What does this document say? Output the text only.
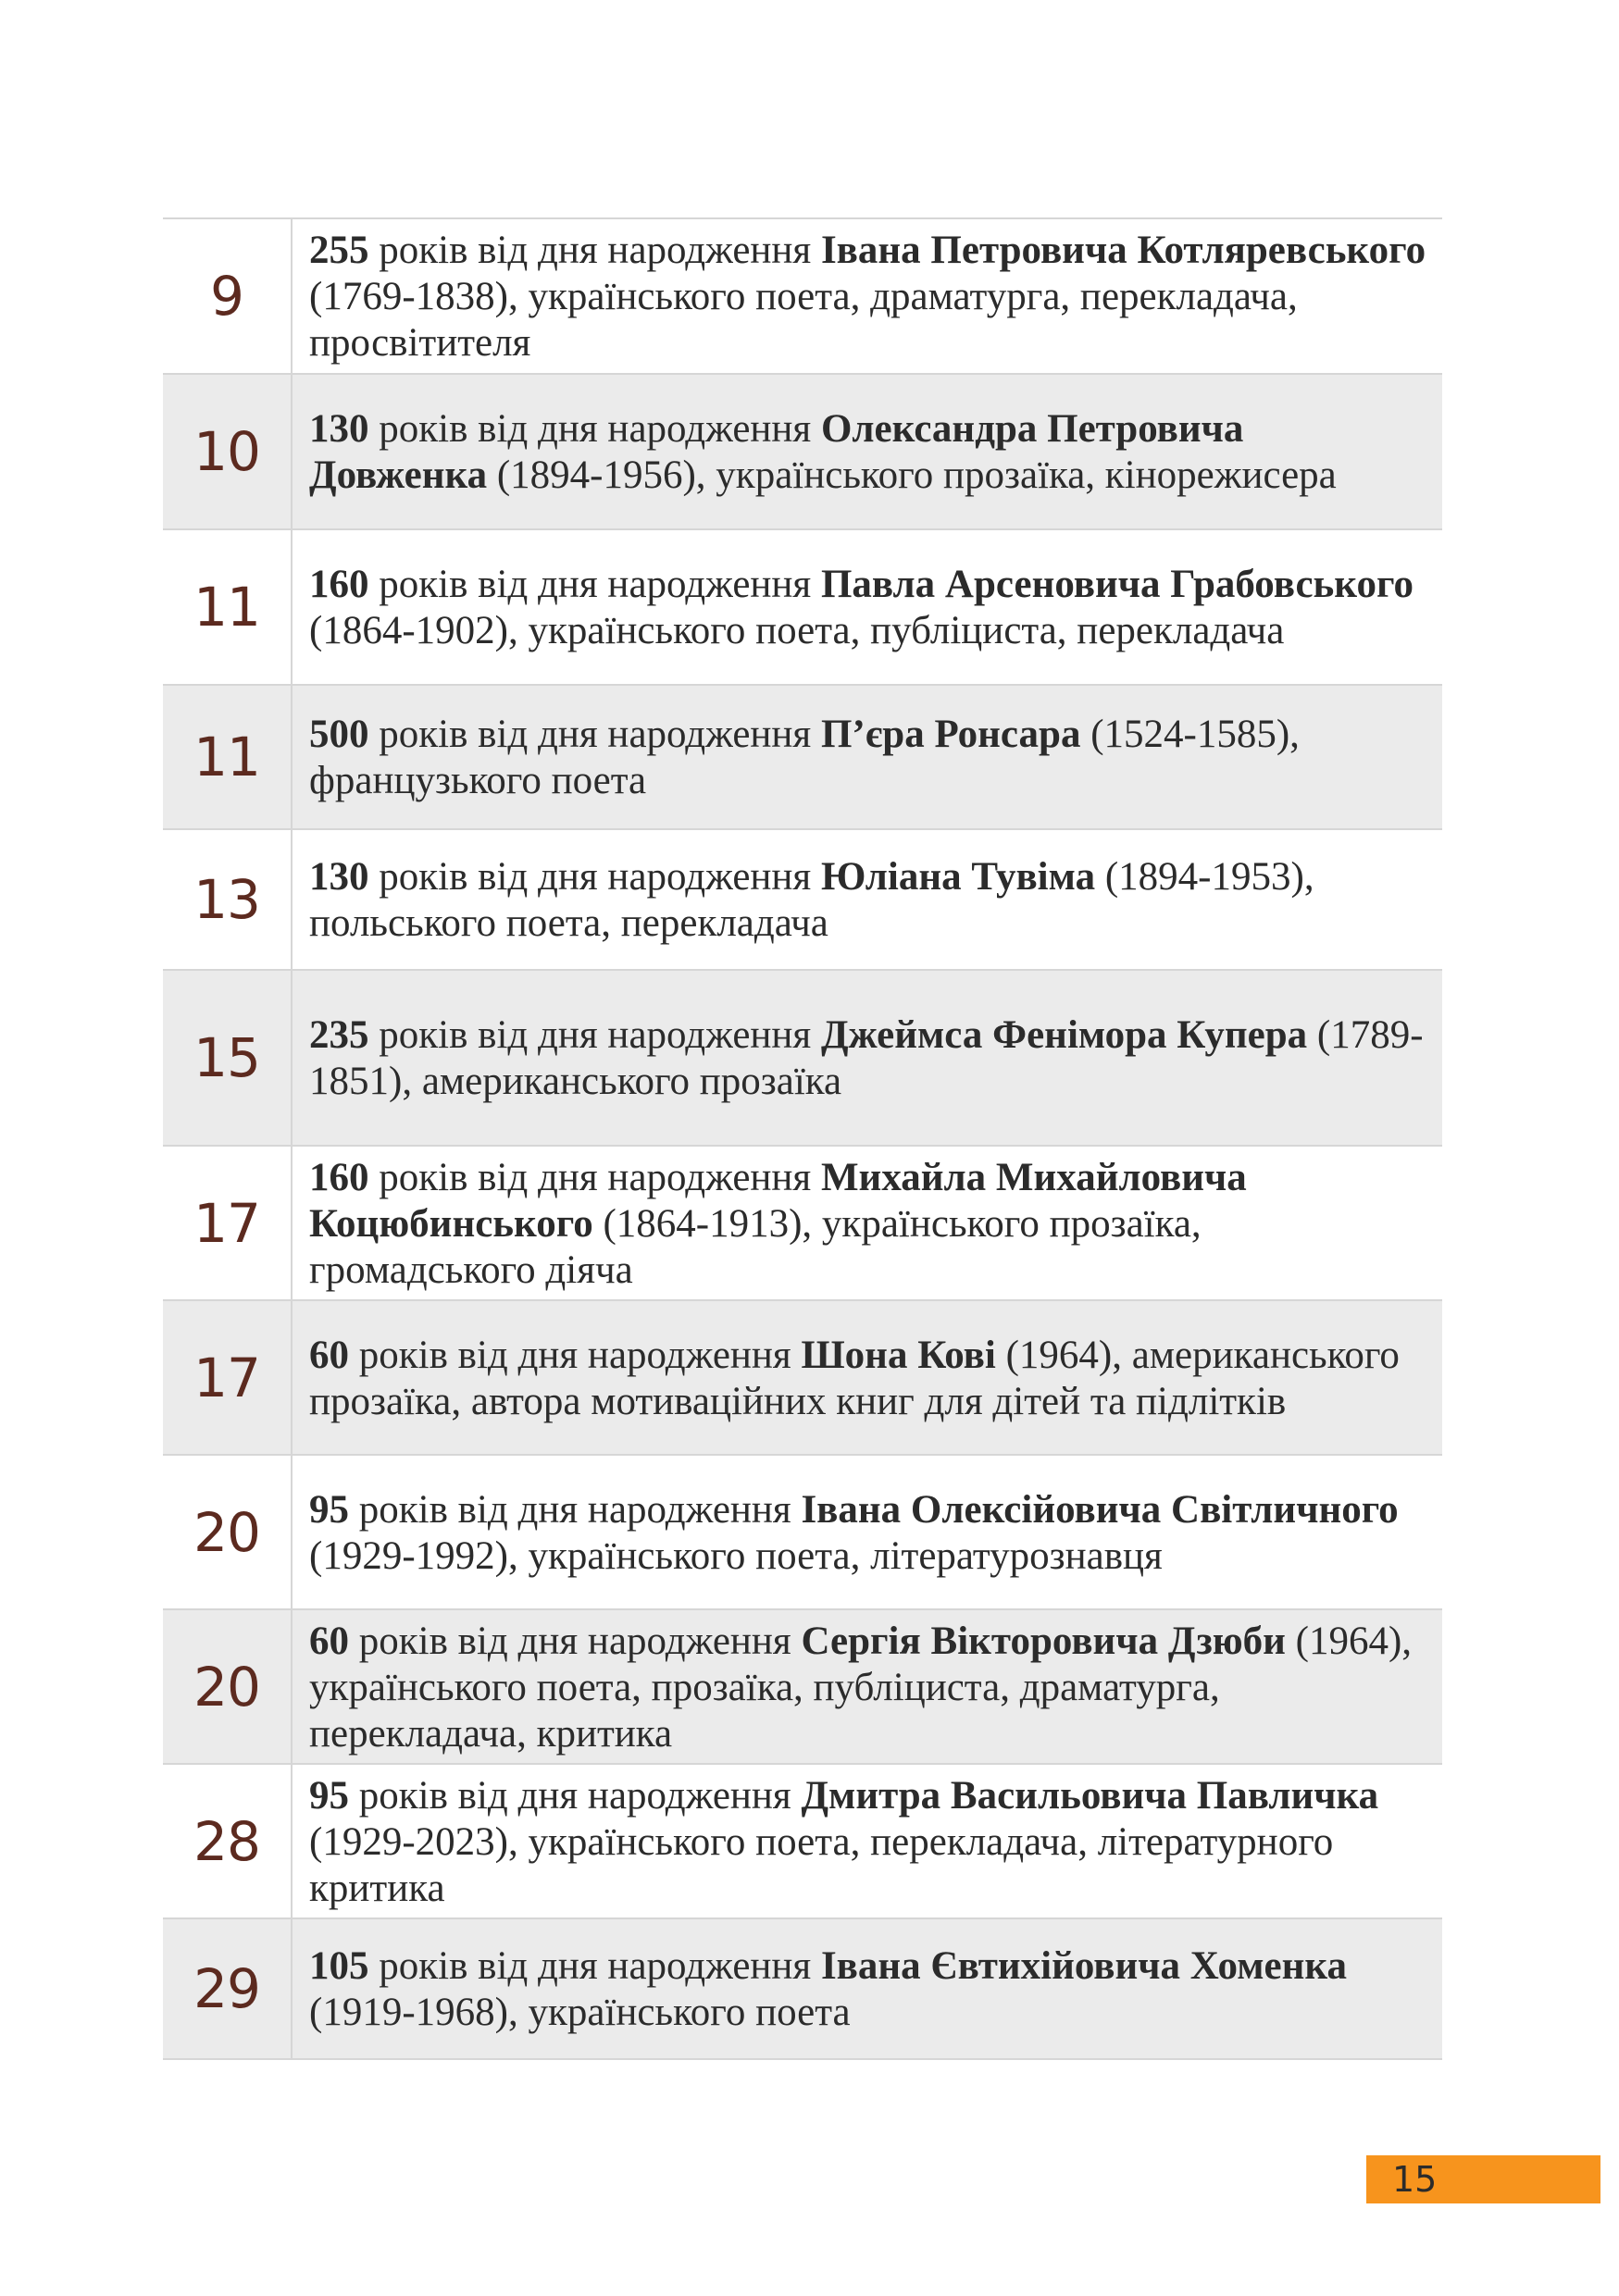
9	255 років від дня народження Івана Петровича Котляревського (1769-1838), українського поета, драматурга, перекладача, просвітителя
10	130 років від дня народження Олександра Петровича Довженка (1894-1956), українського прозаїка, кінорежисера
11	160 років від дня народження Павла Арсеновича Грабовського (1864-1902), українського поета, публіциста, перекладача
11	500 років від дня народження П’єра Ронсара (1524-1585), французького поета
13	130 років від дня народження Юліана Тувіма (1894-1953), польського поета, перекладача
15	235 років від дня народження Джеймса Фенімора Купера (1789-1851), американського прозаїка
17	160 років від дня народження Михайла Михайловича Коцюбинського (1864-1913), українського прозаїка, громадського діяча
17	60 років від дня народження Шона Кові (1964), американського прозаїка, автора мотиваційних книг для дітей та підлітків
20	95 років від дня народження Івана Олексійовича Світличного (1929-1992), українського поета, літературознавця
20	60 років від дня народження Сергія Вікторовича Дзюби (1964), українського поета, прозаїка, публіциста, драматурга, перекладача, критика
28	95 років від дня народження Дмитра Васильовича Павличка (1929-2023), українського поета, перекладача, літературного критика
29	105 років від дня народження Івана Євтихійовича Хоменка (1919-1968), українського поета
15
